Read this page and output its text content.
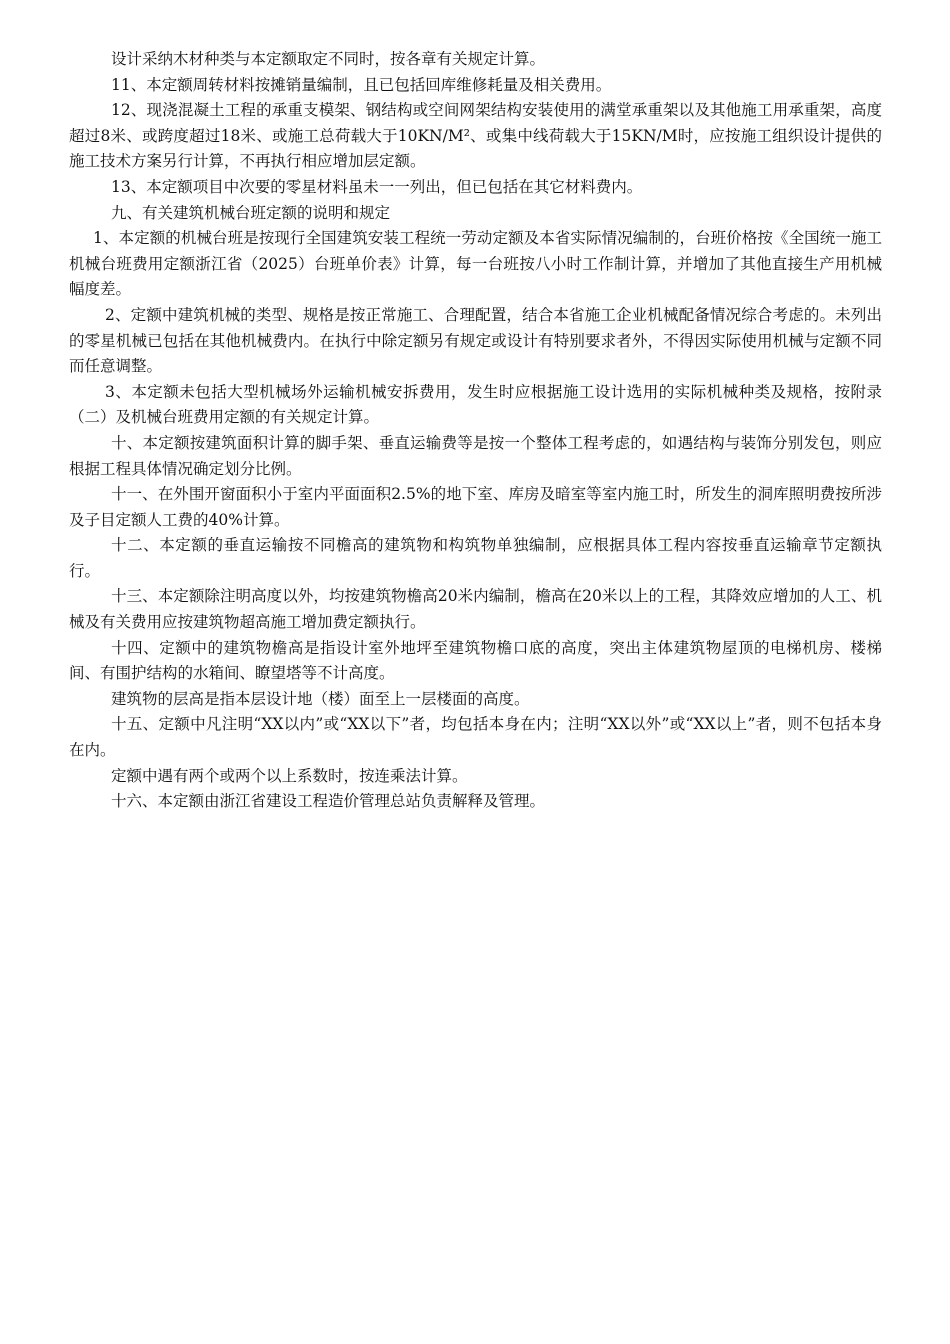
设计采纳木材种类与本定额取定不同时，按各章有关规定计算。

11、本定额周转材料按摊销量编制，且已包括回库维修耗量及相关费用。

12、现浇混凝土工程的承重支模架、钢结构或空间网架结构安装使用的满堂承重架以及其他施工用承重架，高度超过8米、或跨度超过18米、或施工总荷载大于10KN/M²、或集中线荷载大于15KN/M时，应按施工组织设计提供的施工技术方案另行计算，不再执行相应增加层定额。

13、本定额项目中次要的零星材料虽未一一列出，但已包括在其它材料费内。

九、有关建筑机械台班定额的说明和规定

1、本定额的机械台班是按现行全国建筑安装工程统一劳动定额及本省实际情况编制的，台班价格按《全国统一施工机械台班费用定额浙江省（2025）台班单价表》计算，每一台班按八小时工作制计算，并增加了其他直接生产用机械幅度差。

2、定额中建筑机械的类型、规格是按正常施工、合理配置，结合本省施工企业机械配备情况综合考虑的。未列出的零星机械已包括在其他机械费内。在执行中除定额另有规定或设计有特别要求者外，不得因实际使用机械与定额不同而任意调整。

3、本定额未包括大型机械场外运输机械安拆费用，发生时应根据施工设计选用的实际机械种类及规格，按附录（二）及机械台班费用定额的有关规定计算。

十、本定额按建筑面积计算的脚手架、垂直运输费等是按一个整体工程考虑的，如遇结构与装饰分别发包，则应根据工程具体情况确定划分比例。

十一、在外围开窗面积小于室内平面面积2.5%的地下室、库房及暗室等室内施工时，所发生的洞库照明费按所涉及子目定额人工费的40%计算。

十二、本定额的垂直运输按不同檐高的建筑物和构筑物单独编制，应根据具体工程内容按垂直运输章节定额执行。

十三、本定额除注明高度以外，均按建筑物檐高20米内编制，檐高在20米以上的工程，其降效应增加的人工、机械及有关费用应按建筑物超高施工增加费定额执行。

十四、定额中的建筑物檐高是指设计室外地坪至建筑物檐口底的高度，突出主体建筑物屋顶的电梯机房、楼梯间、有围护结构的水箱间、瞭望塔等不计高度。

建筑物的层高是指本层设计地（楼）面至上一层楼面的高度。

十五、定额中凡注明“XX以内”或“XX以下”者，均包括本身在内；注明“XX以外”或“XX以上”者，则不包括本身在内。

定额中遇有两个或两个以上系数时，按连乘法计算。

十六、本定额由浙江省建设工程造价管理总站负责解释及管理。
